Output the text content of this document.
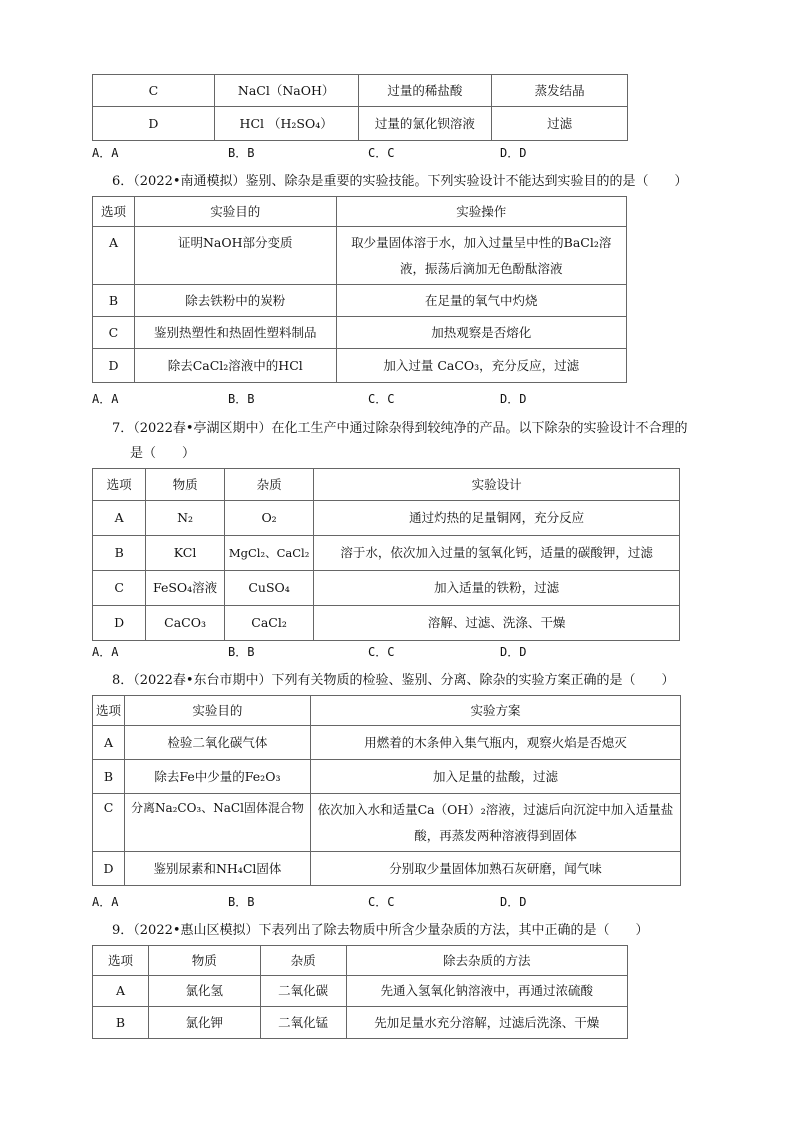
C	NaCl（NaOH）	过量的稀盐酸	蒸发结晶
D	HCl （H₂SO₄）	过量的氯化钡溶液	过滤
A．A	B．B	C．C	D．D
6．（2022•南通模拟）鉴别、除杂是重要的实验技能。下列实验设计不能达到实验目的的是（　　）
选项	实验目的	实验操作
A	证明NaOH部分变质	取少量固体溶于水，加入过量呈中性的BaCl₂溶液，振荡后滴加无色酚酞溶液
B	除去铁粉中的炭粉	在足量的氧气中灼烧
C	鉴别热塑性和热固性塑料制品	加热观察是否熔化
D	除去CaCl₂溶液中的HCl	加入过量 CaCO₃，充分反应，过滤
A．A	B．B	C．C	D．D
7．（2022春•亭湖区期中）在化工生产中通过除杂得到较纯净的产品。以下除杂的实验设计不合理的
是（　　）
选项	物质	杂质	实验设计
A	N₂	O₂	通过灼热的足量铜网，充分反应
B	KCl	MgCl₂、CaCl₂	溶于水，依次加入过量的氢氧化钙，适量的碳酸钾，过滤
C	FeSO₄溶液	CuSO₄	加入适量的铁粉，过滤
D	CaCO₃	CaCl₂	溶解、过滤、洗涤、干燥
A．A	B．B	C．C	D．D
8．（2022春•东台市期中）下列有关物质的检验、鉴别、分离、除杂的实验方案正确的是（　　）
选项	实验目的	实验方案
A	检验二氧化碳气体	用燃着的木条伸入集气瓶内，观察火焰是否熄灭
B	除去Fe中少量的Fe₂O₃	加入足量的盐酸，过滤
C	分离Na₂CO₃、NaCl固体混合物	依次加入水和适量Ca（OH）₂溶液，过滤后向沉淀中加入适量盐酸，再蒸发两种溶液得到固体
D	鉴别尿素和NH₄Cl固体	分别取少量固体加熟石灰研磨，闻气味
A．A	B．B	C．C	D．D
9．（2022•惠山区模拟）下表列出了除去物质中所含少量杂质的方法，其中正确的是（　　）
选项	物质	杂质	除去杂质的方法
A	氯化氢	二氧化碳	先通入氢氧化钠溶液中，再通过浓硫酸
B	氯化钾	二氧化锰	先加足量水充分溶解，过滤后洗涤、干燥
